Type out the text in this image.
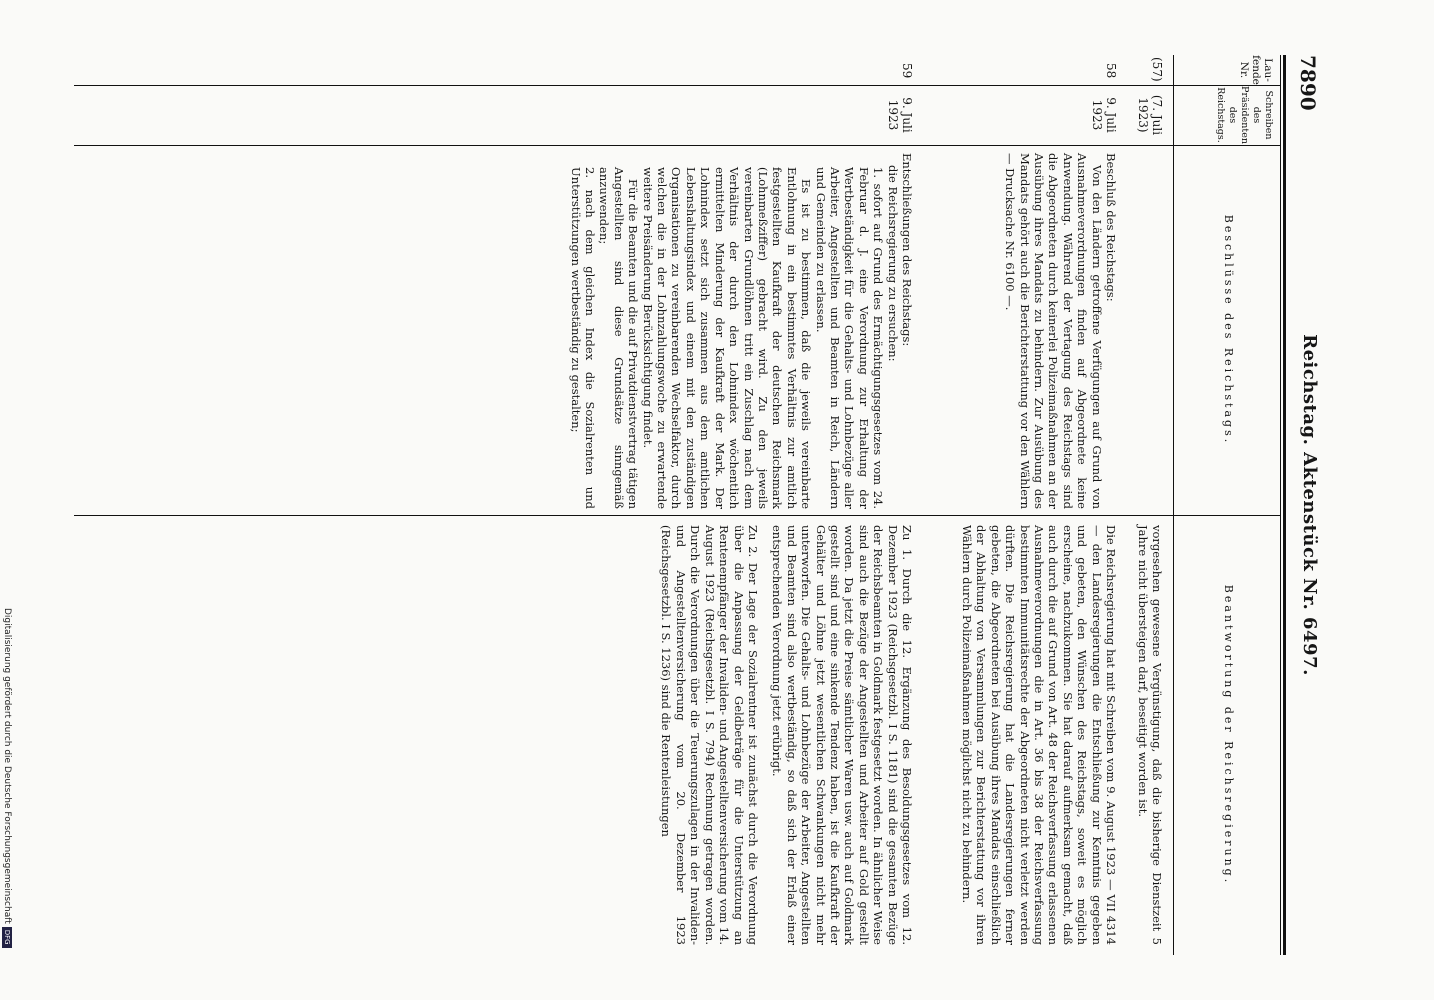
7890
Reichstag. Aktenstück Nr. 6497.
Lau-
fende
Nr.
Schreiben
des
Präsidenten
des
Reichstags.
Beschlüsse des Reichstags.
Beantwortung der Reichsregierung.
(57)
(7. Juli
1923)
vorgesehen gewesene Vergünstigung, daß die bisherige Dienstzeit 5 Jahre nicht übersteigen darf, beseitigt worden ist.
58
9. Juli
1923

Beschluß des Reichstags:

Von den Ländern getroffene Verfügungen auf Grund von Ausnahmeverordnungen finden auf Abgeordnete keine Anwendung. Während der Vertagung des Reichstags sind die Abgeordneten durch keinerlei Polizeimaßnahmen an der Ausübung ihres Mandats zu behindern. Zur Ausübung des Mandats gehört auch die Berichterstattung vor den Wählern — Drucksache Nr. 6100 —.

Die Reichsregierung hat mit Schreiben vom 9. August 1923 — VII 4314 — den Landesregierungen die Entschließung zur Kenntnis gegeben und gebeten, den Wünschen des Reichstags, soweit es möglich erscheine, nachzukommen. Sie hat darauf aufmerksam gemacht, daß auch durch die auf Grund von Art. 48 der Reichsverfassung erlassenen Ausnahmeverordnungen die in Art. 36 bis 38 der Reichsverfassung bestimmten Immunitätsrechte der Abgeordneten nicht verletzt werden dürften. Die Reichsregierung hat die Landesregierungen ferner gebeten, die Abgeordneten bei Ausübung ihres Mandats einschließlich der Abhaltung von Versammlungen zur Berichterstattung vor ihren Wählern durch Polizeimaßnahmen möglichst nicht zu behindern.
59
9. Juli
1923

Entschließungen des Reichstags:

die Reichsregierung zu ersuchen:

1. sofort auf Grund des Ermächtigungsgesetzes vom 24. Februar d. J. eine Verordnung zur Erhaltung der Wertbeständigkeit für die Gehalts- und Lohnbezüge aller Arbeiter, Angestellten und Beamten in Reich, Ländern und Gemeinden zu erlassen.

Es ist zu bestimmen, daß die jeweils vereinbarte Entlohnung in ein bestimmtes Verhältnis zur amtlich festgestellten Kaufkraft der deutschen Reichsmark (Lohnmeßziffer) gebracht wird. Zu den jeweils vereinbarten Grundlöhnen tritt ein Zuschlag nach dem Verhältnis der durch den Lohnindex wöchentlich ermittelten Minderung der Kaufkraft der Mark. Der Lohnindex setzt sich zusammen aus dem amtlichen Lebenshaltungsindex und einem mit den zuständigen Organisationen zu vereinbarenden Wechselfaktor, durch welchen die in der Lohnzahlungswoche zu erwartende weitere Preisänderung Berücksichtigung findet.

Für die Beamten und die auf Privatdienstvertrag tätigen Angestellten sind diese Grundsätze sinngemäß anzuwenden;

2. nach dem gleichen Index die Sozialrenten und Unterstützungen wertbeständig zu gestalten;

Zu 1. Durch die 12. Ergänzung des Besoldungsgesetzes vom 12. Dezember 1923 (Reichsgesetzbl. I S. 1181) sind die gesamten Bezüge der Reichsbeamten in Goldmark festgesetzt worden. In ähnlicher Weise sind auch die Bezüge der Angestellten und Arbeiter auf Gold gestellt worden. Da jetzt die Preise sämtlicher Waren usw. auch auf Goldmark gestellt sind und eine sinkende Tendenz haben, ist die Kaufkraft der Gehälter und Löhne jetzt wesentlichen Schwankungen nicht mehr unterworfen. Die Gehalts- und Lohnbezüge der Arbeiter, Angestellten und Beamten sind also wertbeständig, so daß sich der Erlaß einer entsprechenden Verordnung jetzt erübrigt.

Zu 2. Der Lage der Sozialrentner ist zunächst durch die Verordnung über die Anpassung der Geldbeträge für die Unterstützung an Rentenempfänger der Invaliden- und Angestelltenversicherung vom 14. August 1923 (Reichsgesetzbl. I S. 794) Rechnung getragen worden. Durch die Verordnungen über die Teuerungszulagen in der Invaliden- und Angestelltenversicherung vom 20. Dezember 1923 (Reichsgesetzbl. I S. 1236) sind die Rentenleistungen

Digitalisierung gefördert durch die Deutsche ForschungsgemeinschaftDFG
